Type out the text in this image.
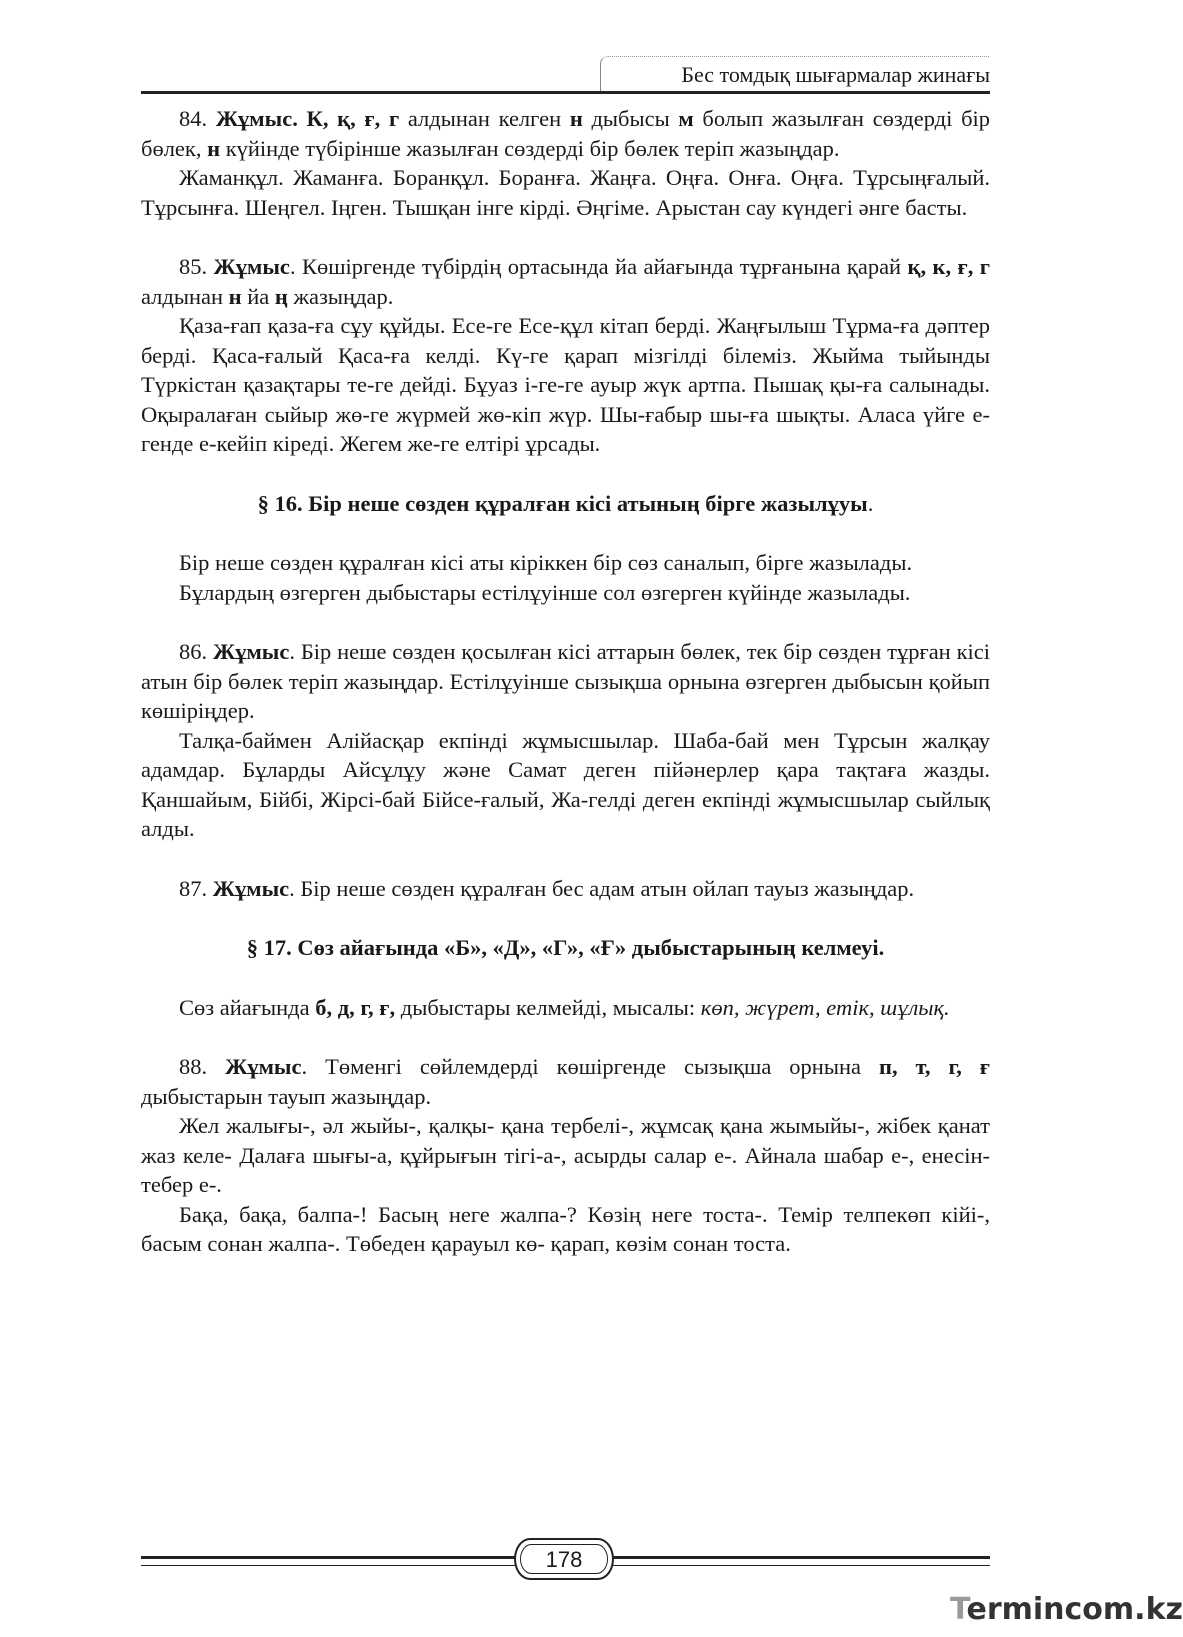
Бес томдық шығармалар жинағы

84. Жұмыс. К, қ, ғ, г алдынан келген н дыбысы м болып жазылған сөздерді бір бөлек, н күйінде түбірінше жазылған сөздерді бір бөлек теріп жазыңдар.

Жаманқұл. Жаманға. Боранқұл. Боранға. Жаңға. Оңға. Онға. Оңға. Тұрсыңғалый. Тұрсынға. Шеңгел. Іңген. Тышқан інге кірді. Әңгіме. Арыстан сау күндегі әнге басты.

85. Жұмыс. Көшіргенде түбірдің ортасында йа айағында тұрғанына қарай қ, к, ғ, г алдынан н йа ң жазыңдар.

Қаза-ғап қаза-ға сұу құйды. Есе-ге Есе-құл кітап берді. Жаңғылыш Тұрма-ға дәптер берді. Қаса-ғалый Қаса-ға келді. Кү-ге қарап мізгілді білеміз. Жыйма тыйынды Түркістан қазақтары те-ге дейді. Бұуаз і-ге-ге ауыр жүк артпа. Пышақ қы-ға салынады. Оқыралаған сыйыр жө-ге жүрмей жө-кіп жүр. Шы-ғабыр шы-ға шықты. Аласа үйге е-генде е-кейіп кіреді. Жегем же-ге елтірі ұрсады.

§ 16. Бір неше сөзден құралған кісі атының бірге жазылұуы.

Бір неше сөзден құралған кісі аты кіріккен бір сөз саналып, бірге жазылады.

Бұлардың өзгерген дыбыстары естілұуінше сол өзгерген күйінде жазылады.

86. Жұмыс. Бір неше сөзден қосылған кісі аттарын бөлек, тек бір сөзден тұрған кісі атын бір бөлек теріп жазыңдар. Естілұуінше сызықша орнына өзгерген дыбысын қойып көшіріңдер.

Талқа-баймен Алійасқар екпінді жұмысшылар. Шаба-бай мен Тұрсын жалқау адамдар. Бұларды Айсұлұу және Самат деген пійәнерлер қара тақтаға жазды. Қаншайым, Бійбі, Жірсі-бай Бійсе-ғалый, Жа-гелді деген екпінді жұмысшылар сыйлық алды.

87. Жұмыс. Бір неше сөзден құралған бес адам атын ойлап тауыз жазыңдар.

§ 17. Сөз айағында «Б», «Д», «Г», «Ғ» дыбыстарының келмеуі.

Сөз айағында б, д, г, ғ, дыбыстары келмейді, мысалы: көп, жүрет, етік, шұлық.

88. Жұмыс. Төменгі сөйлемдерді көшіргенде сызықша орнына п, т, г, ғ дыбыстарын тауып жазыңдар.

Жел жалығы-, әл жыйы-, қалқы- қана тербелі-, жұмсақ қана жымыйы-, жібек қанат жаз келе- Далаға шығы-а, құйрығын тігі-а-, асырды салар е-. Айнала шабар е-, енесін-тебер е-.

Бақа, бақа, балпа-! Басың неге жалпа-? Көзің неге тоста-. Темір телпекөп кійі-, басым сонан жалпа-. Төбеден қарауыл кө- қарап, көзім сонан тоста.

178
Termincom.kz
